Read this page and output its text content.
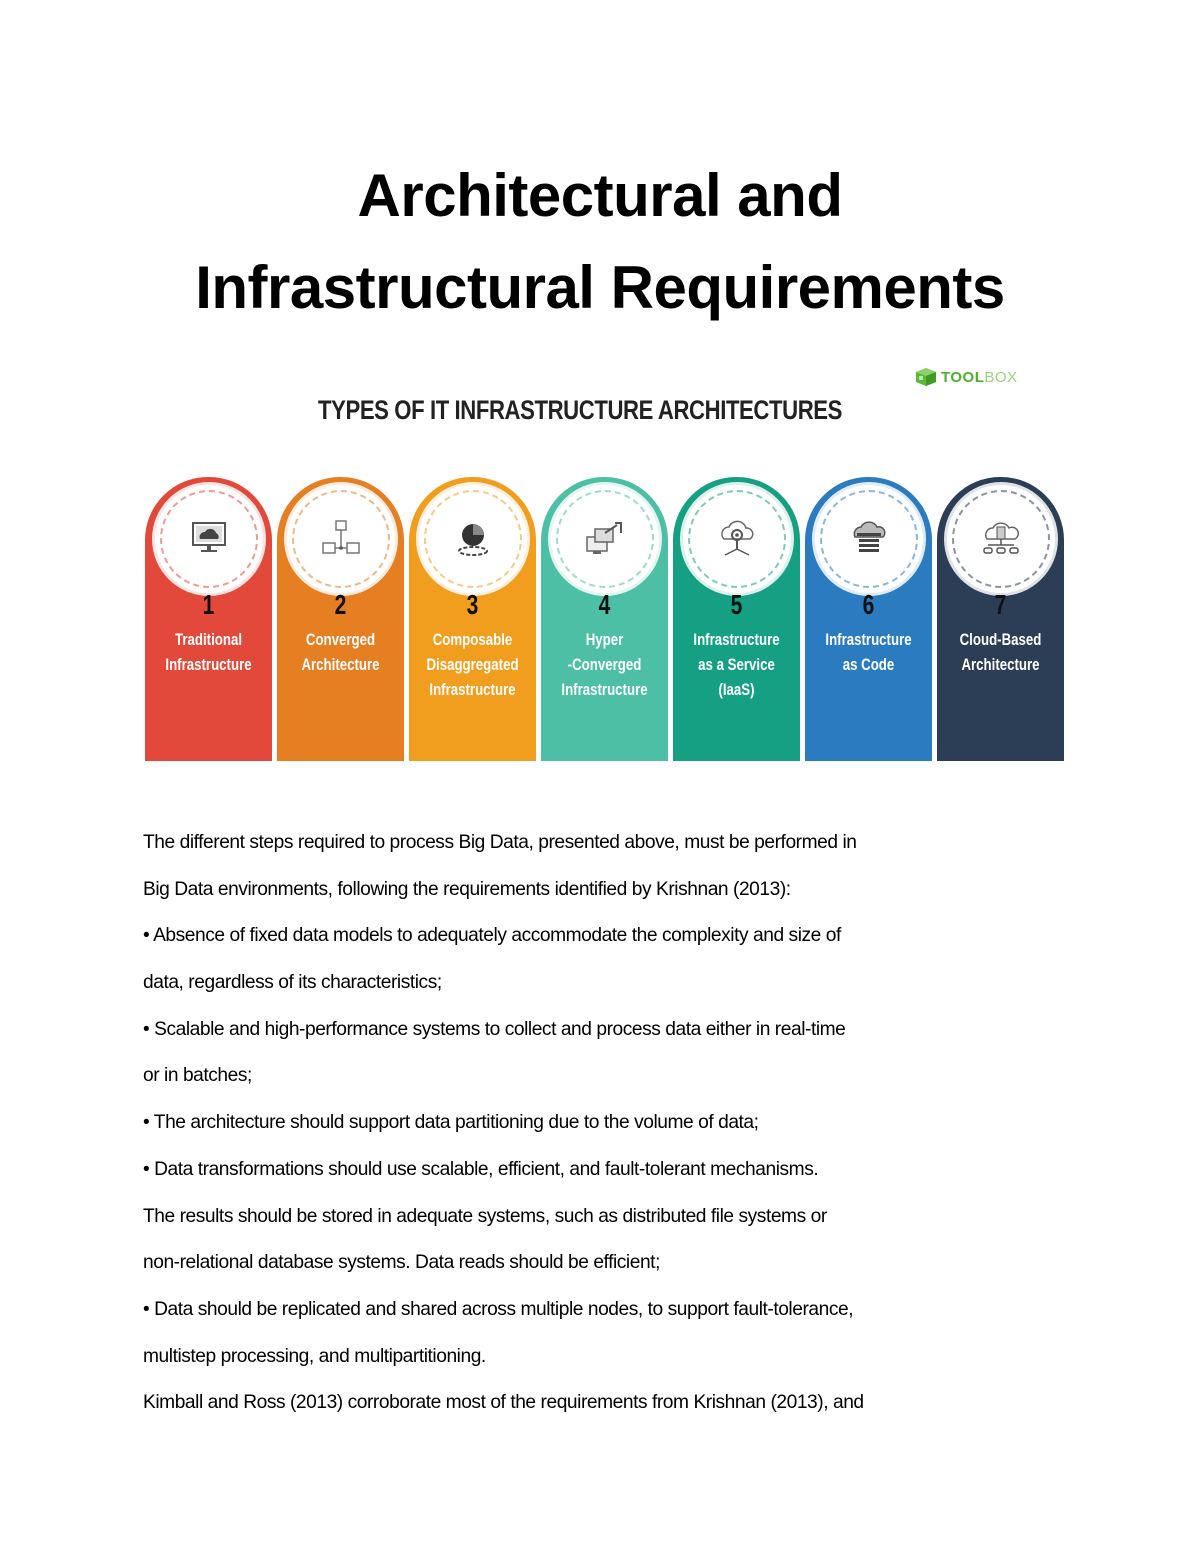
Architectural and
Infrastructural Requirements
TOOLBOX
TYPES OF IT INFRASTRUCTURE ARCHITECTURES
1
Traditional
Infrastructure
2
Converged
Architecture
3
Composable
Disaggregated
Infrastructure
4
Hyper
-Converged
Infrastructure
5
Infrastructure
as a Service
(IaaS)
6
Infrastructure
as Code
7
Cloud-Based
Architecture
The different steps required to process Big Data, presented above, must be performed in
Big Data environments, following the requirements identified by Krishnan (2013):
• Absence of fixed data models to adequately accommodate the complexity and size of
data, regardless of its characteristics;
• Scalable and high-performance systems to collect and process data either in real-time
or in batches;
• The architecture should support data partitioning due to the volume of data;
• Data transformations should use scalable, efficient, and fault-tolerant mechanisms.
The results should be stored in adequate systems, such as distributed file systems or
non-relational database systems. Data reads should be efficient;
• Data should be replicated and shared across multiple nodes, to support fault-tolerance,
multistep processing, and multipartitioning.
Kimball and Ross (2013) corroborate most of the requirements from Krishnan (2013), and
